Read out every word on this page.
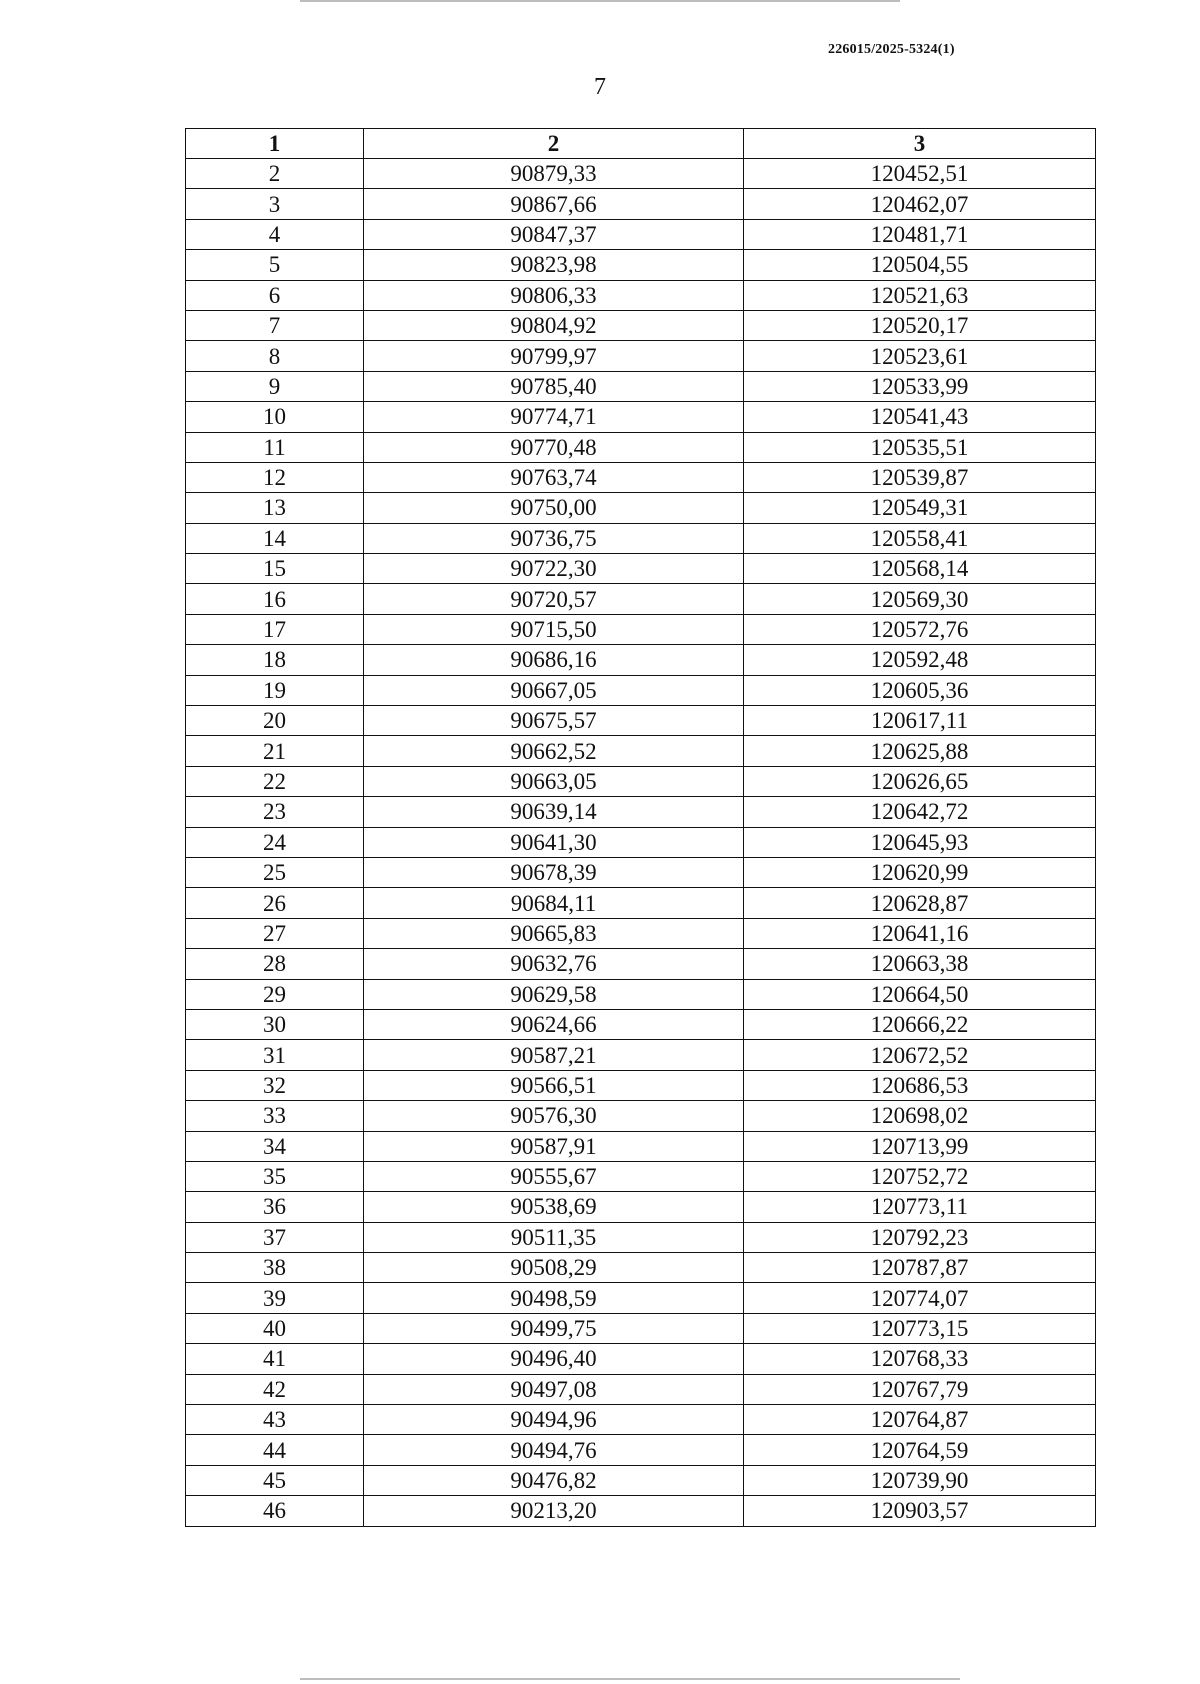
226015/2025-5324(1)
7
1	2	3
2	90879,33	120452,51
3	90867,66	120462,07
4	90847,37	120481,71
5	90823,98	120504,55
6	90806,33	120521,63
7	90804,92	120520,17
8	90799,97	120523,61
9	90785,40	120533,99
10	90774,71	120541,43
11	90770,48	120535,51
12	90763,74	120539,87
13	90750,00	120549,31
14	90736,75	120558,41
15	90722,30	120568,14
16	90720,57	120569,30
17	90715,50	120572,76
18	90686,16	120592,48
19	90667,05	120605,36
20	90675,57	120617,11
21	90662,52	120625,88
22	90663,05	120626,65
23	90639,14	120642,72
24	90641,30	120645,93
25	90678,39	120620,99
26	90684,11	120628,87
27	90665,83	120641,16
28	90632,76	120663,38
29	90629,58	120664,50
30	90624,66	120666,22
31	90587,21	120672,52
32	90566,51	120686,53
33	90576,30	120698,02
34	90587,91	120713,99
35	90555,67	120752,72
36	90538,69	120773,11
37	90511,35	120792,23
38	90508,29	120787,87
39	90498,59	120774,07
40	90499,75	120773,15
41	90496,40	120768,33
42	90497,08	120767,79
43	90494,96	120764,87
44	90494,76	120764,59
45	90476,82	120739,90
46	90213,20	120903,57
